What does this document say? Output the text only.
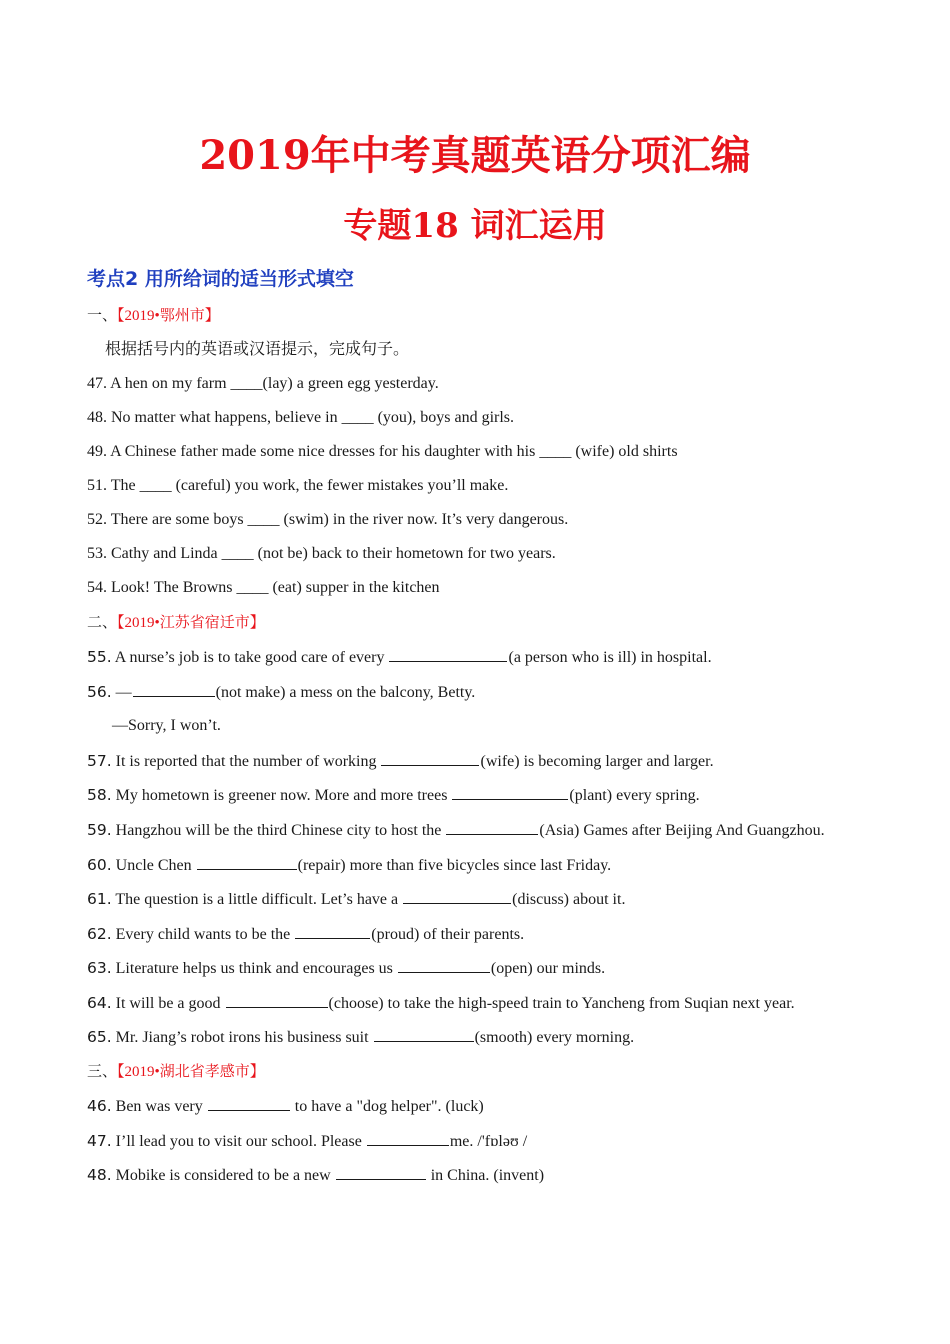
2019年中考真题英语分项汇编
专题18 词汇运用
考点2 用所给词的适当形式填空
一、【2019•鄂州市】
根据括号内的英语或汉语提示，完成句子。
47. A hen on my farm ____(lay) a green egg yesterday.
48. No matter what happens, believe in ____ (you), boys and girls.
49. A Chinese father made some nice dresses for his daughter with his ____ (wife) old shirts
51. The ____ (careful) you work, the fewer mistakes you’ll make.
52. There are some boys ____ (swim) in the river now. It’s very dangerous.
53. Cathy and Linda ____ (not be) back to their hometown for two years.
54. Look! The Browns ____ (eat) supper in the kitchen
二、【2019•江苏省宿迁市】
55. A nurse’s job is to take good care of every	(a person who is ill) in hospital.
56. —	(not make) a mess on the balcony, Betty.
—Sorry, I won’t.
57. It is reported that the number of working	(wife) is becoming larger and larger.
58. My hometown is greener now. More and more trees	(plant) every spring.
59. Hangzhou will be the third Chinese city to host the	(Asia) Games after Beijing And Guangzhou.
60. Uncle Chen	(repair) more than five bicycles since last Friday.
61. The question is a little difficult. Let’s have a	(discuss) about it.
62. Every child wants to be the	(proud) of their parents.
63. Literature helps us think and encourages us	(open) our minds.
64. It will be a good	(choose) to take the high-speed train to Yancheng from Suqian next year.
65. Mr. Jiang’s robot irons his business suit	(smooth) every morning.
三、【2019•湖北省孝感市】
46. Ben was very	to have a "dog helper". (luck)
47. I’ll lead you to visit our school. Please	me. /'fɒləʊ /
48. Mobike is considered to be a new	in China. (invent)
